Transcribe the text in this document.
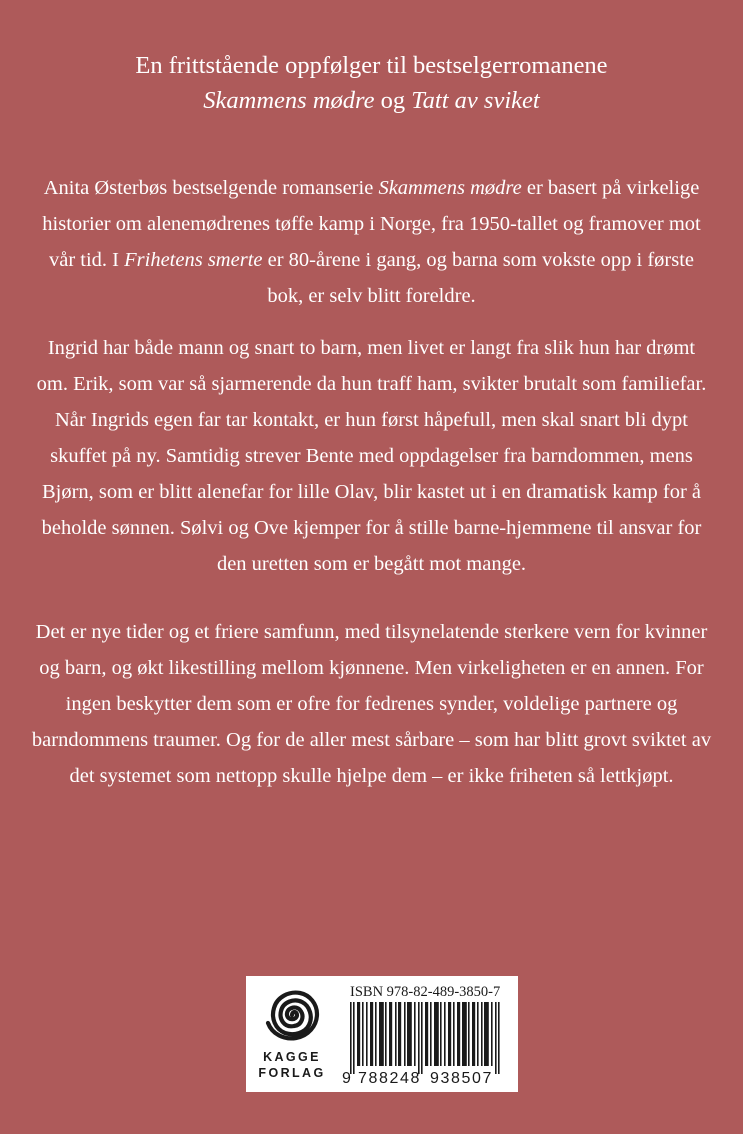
En frittstående oppfølger til bestselgerromanene
Skammens mødre og Tatt av sviket
Anita Østerbøs bestselgende romanserie Skammens mødre er basert på virkelige historier om alenemødrenes tøffe kamp i Norge, fra 1950-tallet og framover mot vår tid. I Frihetens smerte er 80-årene i gang, og barna som vokste opp i første bok, er selv blitt foreldre.
Ingrid har både mann og snart to barn, men livet er langt fra slik hun har drømt om. Erik, som var så sjarmerende da hun traff ham, svikter brutalt som familiefar. Når Ingrids egen far tar kontakt, er hun først håpefull, men skal snart bli dypt skuffet på ny. Samtidig strever Bente med oppdagelser fra barndommen, mens Bjørn, som er blitt alenefar for lille Olav, blir kastet ut i en dramatisk kamp for å beholde sønnen. Sølvi og Ove kjemper for å stille barne-hjemmene til ansvar for den uretten som er begått mot mange.
Det er nye tider og et friere samfunn, med tilsynelatende sterkere vern for kvinner og barn, og økt likestilling mellom kjønnene. Men virkeligheten er en annen. For ingen beskytter dem som er ofre for fedrenes synder, voldelige partnere og barndommens traumer. Og for de aller mest sårbare – som har blitt grovt sviktet av det systemet som nettopp skulle hjelpe dem – er ikke friheten så lettkjøpt.
KAGGE
FORLAG
ISBN 978-82-489-3850-7
9 788248 938507
